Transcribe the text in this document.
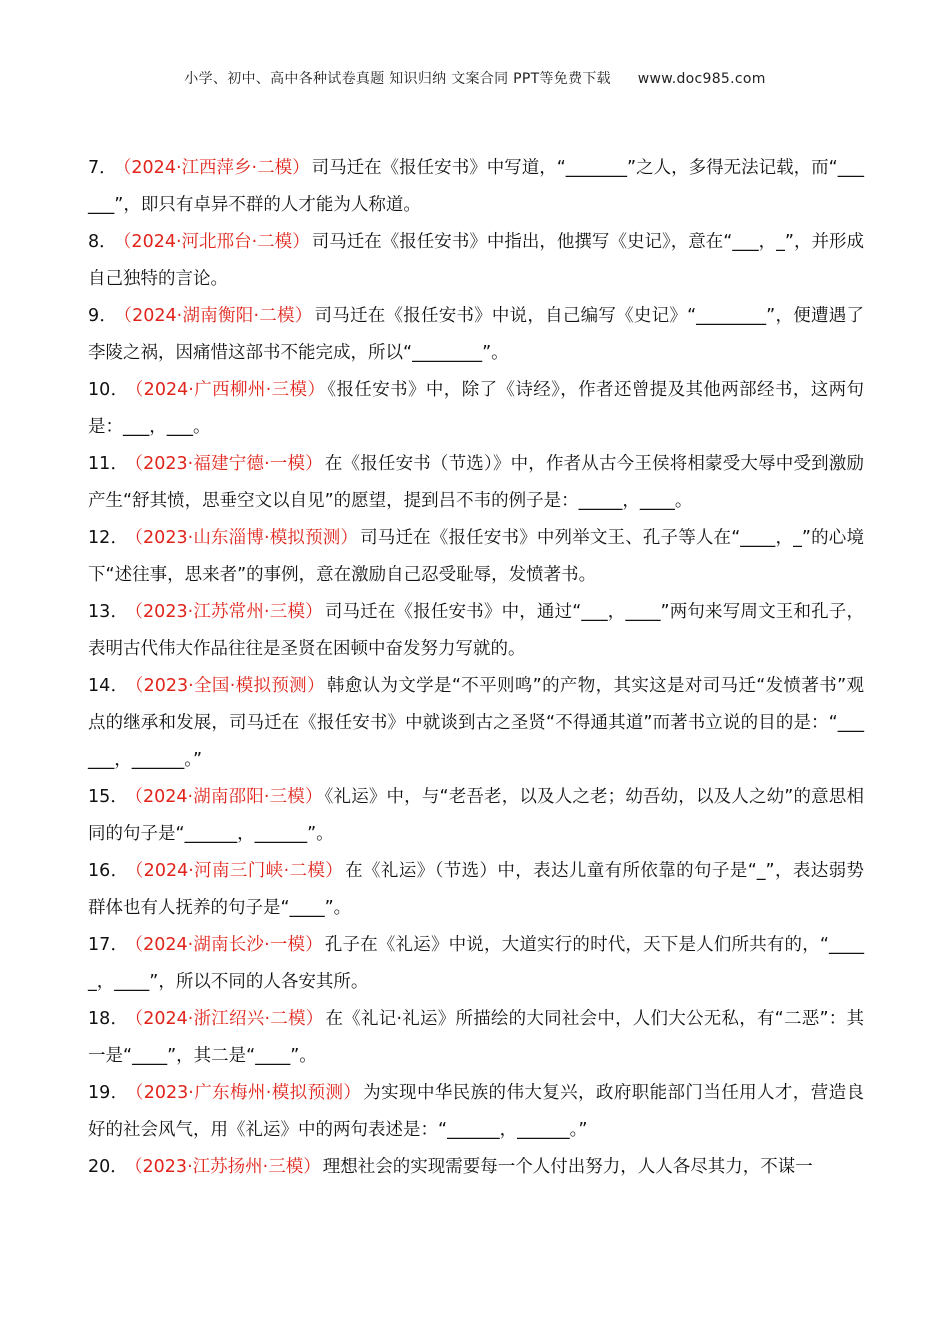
小学、初中、高中各种试卷真题 知识归纳 文案合同 PPT等免费下载 www.doc985.com

7． （2024·江西萍乡·二模） 司马迁在《报任安书》中写道，“_______”之人，多得无法记载，而“______”，即只有卓异不群的人才能为人称道。

8． （2024·河北邢台·二模） 司马迁在《报任安书》中指出，他撰写《史记》，意在“___，_”，并形成自己独特的言论。

9． （2024·湖南衡阳·二模） 司马迁在《报任安书》中说，自己编写《史记》“________”，便遭遇了李陵之祸，因痛惜这部书不能完成，所以“________”。

10． （2024·广西柳州·三模） 《报任安书》中，除了《诗经》，作者还曾提及其他两部经书，这两句是：___，___。

11． （2023·福建宁德·一模） 在《报任安书（节选）》中，作者从古今王侯将相蒙受大辱中受到激励产生“舒其愤，思垂空文以自见”的愿望，提到吕不韦的例子是：_____，____。

12． （2023·山东淄博·模拟预测） 司马迁在《报任安书》中列举文王、孔子等人在“____，_”的心境下“述往事，思来者”的事例，意在激励自己忍受耻辱，发愤著书。

13． （2023·江苏常州·三模） 司马迁在《报任安书》中，通过“___，____”两句来写周文王和孔子，表明古代伟大作品往往是圣贤在困顿中奋发努力写就的。

14． （2023·全国·模拟预测） 韩愈认为文学是“不平则鸣”的产物，其实这是对司马迁“发愤著书”观点的继承和发展，司马迁在《报任安书》中就谈到古之圣贤“不得通其道”而著书立说的目的是：“______，______。”

15． （2024·湖南邵阳·三模） 《礼运》中，与“老吾老，以及人之老；幼吾幼，以及人之幼”的意思相同的句子是“______，______”。

16． （2024·河南三门峡·二模） 在《礼运》（节选）中，表达儿童有所依靠的句子是“_”，表达弱势群体也有人抚养的句子是“____”。

17． （2024·湖南长沙·一模） 孔子在《礼运》中说，大道实行的时代，天下是人们所共有的，“_____，____”，所以不同的人各安其所。

18． （2024·浙江绍兴·二模） 在《礼记·礼运》所描绘的大同社会中，人们大公无私，有“二恶”：其一是“____”，其二是“____”。

19． （2023·广东梅州·模拟预测） 为实现中华民族的伟大复兴，政府职能部门当任用人才，营造良好的社会风气，用《礼运》中的两句表述是：“______，______。”

20． （2023·江苏扬州·三模） 理想社会的实现需要每一个人付出努力，人人各尽其力，不谋一
